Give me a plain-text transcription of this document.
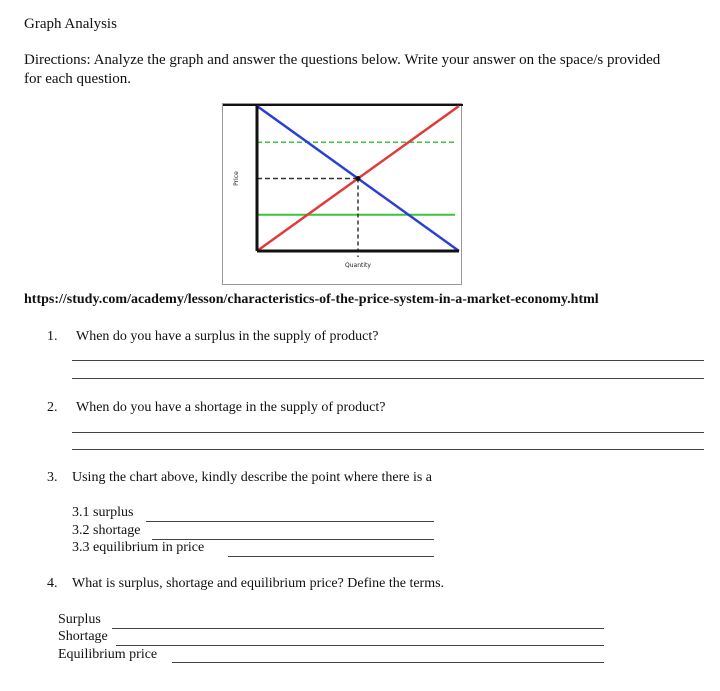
Graph Analysis
Directions: Analyze the graph and answer the questions below. Write your answer on the space/s provided
for each question.
Quantity
Price
https://study.com/academy/lesson/characteristics-of-the-price-system-in-a-market-economy.html
1. When do you have a surplus in the supply of product?
2. When do you have a shortage in the supply of product?
3. Using the chart above, kindly describe the point where there is a
3.1 surplus
3.2 shortage
3.3 equilibrium in price
4. What is surplus, shortage and equilibrium price? Define the terms.
Surplus
Shortage
Equilibrium price
